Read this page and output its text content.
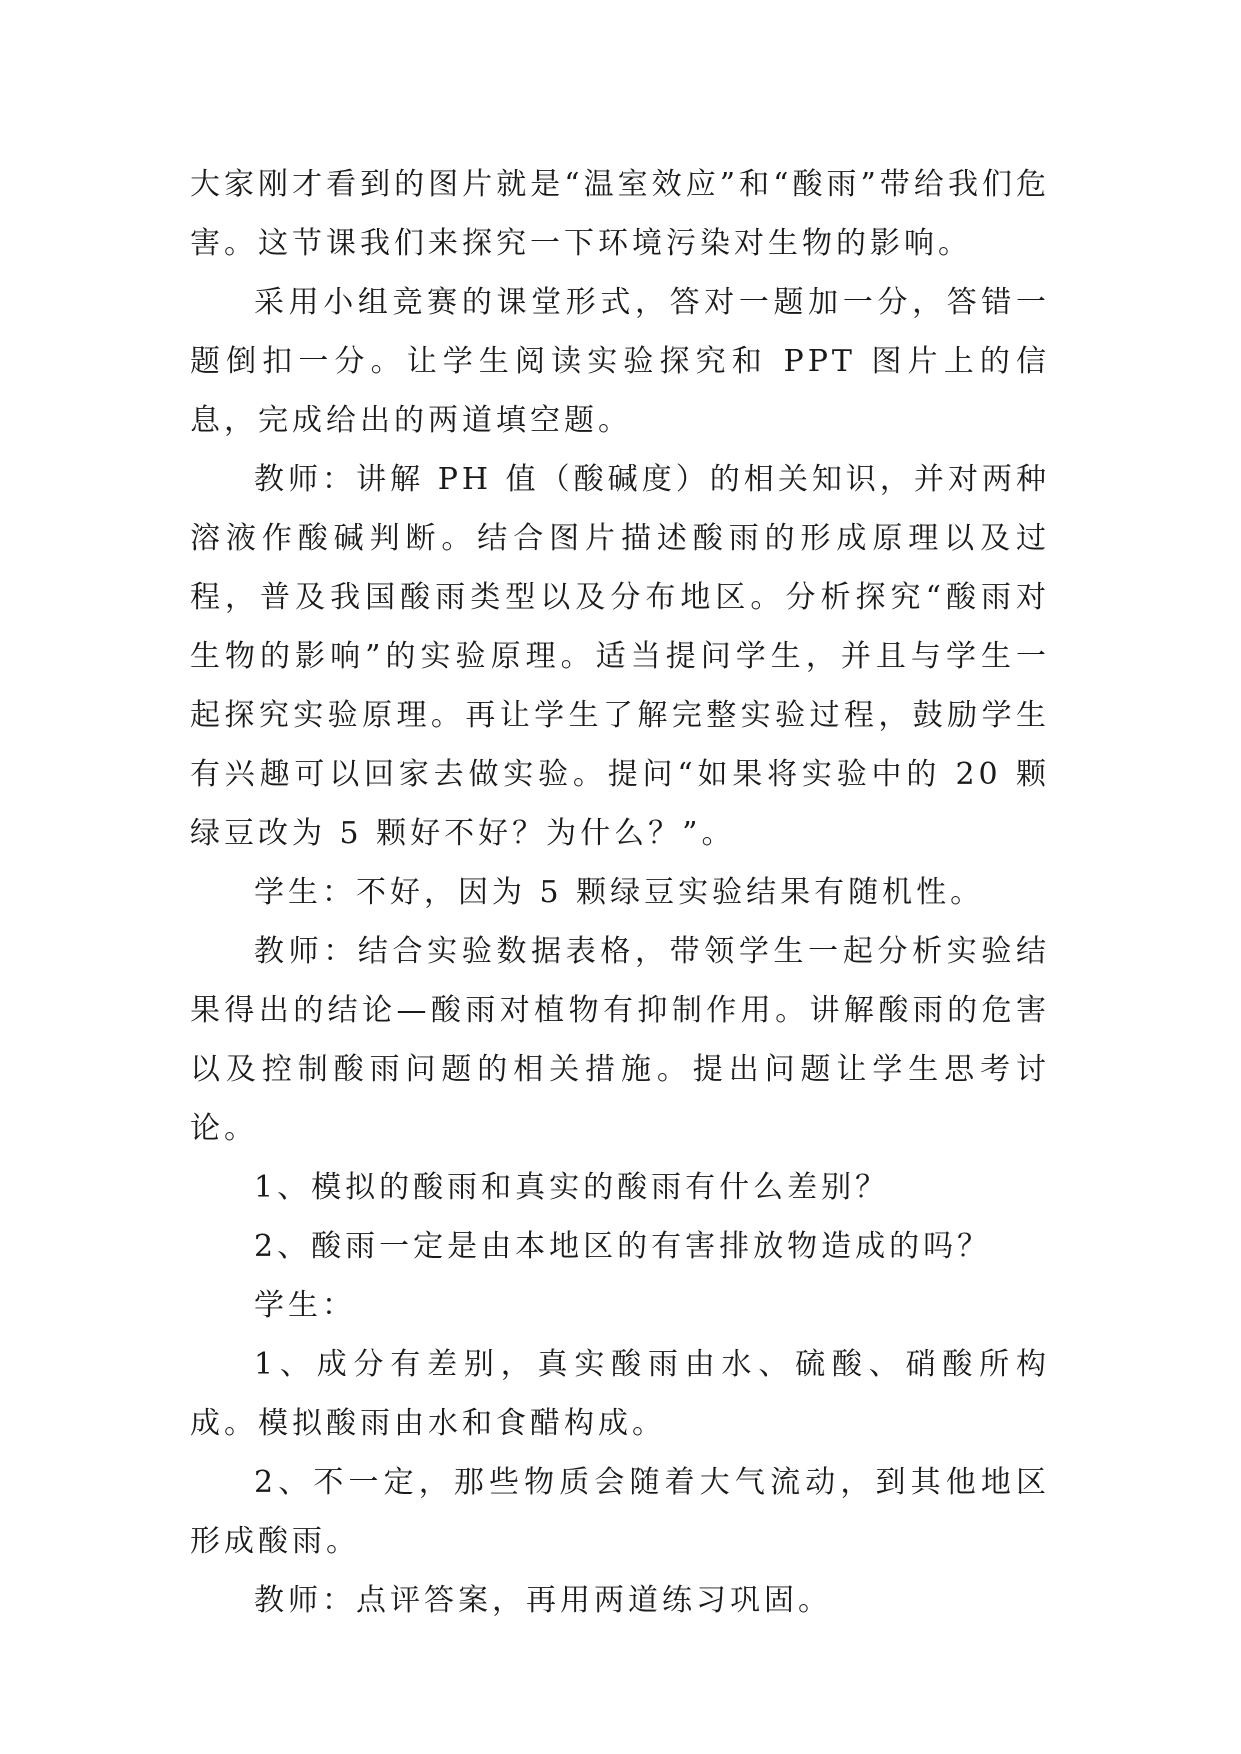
大家刚才看到的图片就是“温室效应”和“酸雨”带给我们危害。这节课我们来探究一下环境污染对生物的影响。

采用小组竞赛的课堂形式，答对一题加一分，答错一题倒扣一分。让学生阅读实验探究和 PPT 图片上的信息，完成给出的两道填空题。

教师：讲解 PH 值（酸碱度）的相关知识，并对两种溶液作酸碱判断。结合图片描述酸雨的形成原理以及过程，普及我国酸雨类型以及分布地区。分析探究“酸雨对生物的影响”的实验原理。适当提问学生，并且与学生一起探究实验原理。再让学生了解完整实验过程，鼓励学生有兴趣可以回家去做实验。提问“如果将实验中的 20 颗绿豆改为 5 颗好不好？为什么？”。

学生：不好，因为 5 颗绿豆实验结果有随机性。

教师：结合实验数据表格，带领学生一起分析实验结果得出的结论—酸雨对植物有抑制作用。讲解酸雨的危害以及控制酸雨问题的相关措施。提出问题让学生思考讨论。

1、模拟的酸雨和真实的酸雨有什么差别？

2、酸雨一定是由本地区的有害排放物造成的吗？

学生：

1、成分有差别，真实酸雨由水、硫酸、硝酸所构成。模拟酸雨由水和食醋构成。

2、不一定，那些物质会随着大气流动，到其他地区形成酸雨。

教师：点评答案，再用两道练习巩固。
